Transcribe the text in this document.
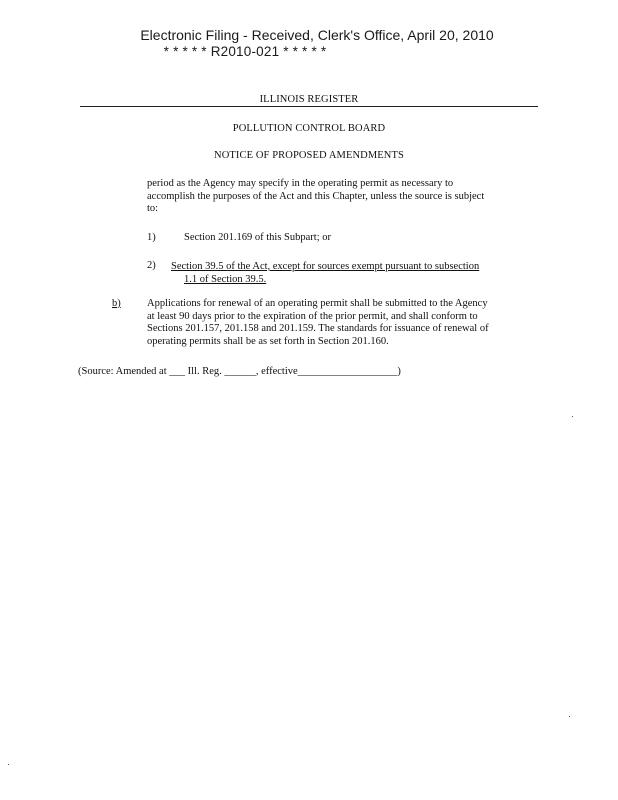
Electronic Filing - Received, Clerk's Office, April 20, 2010
* * * * * R2010-021 * * * * *
ILLINOIS REGISTER
POLLUTION CONTROL BOARD
NOTICE OF PROPOSED AMENDMENTS
period as the Agency may specify in the operating permit as necessary to
accomplish the purposes of the Act and this Chapter, unless the source is subject
to:
1)	Section 201.169 of this Subpart; or
2) Section 39.5 of the Act, except for sources exempt pursuant to subsection
1.1 of Section 39.5.
b)	Applications for renewal of an operating permit shall be submitted to the Agency
at least 90 days prior to the expiration of the prior permit, and shall conform to
Sections 201.157, 201.158 and 201.159. The standards for issuance of renewal of
operating permits shall be as set forth in Section 201.160.
(Source: Amended at ___ Ill. Reg. ______, effective___________________)
